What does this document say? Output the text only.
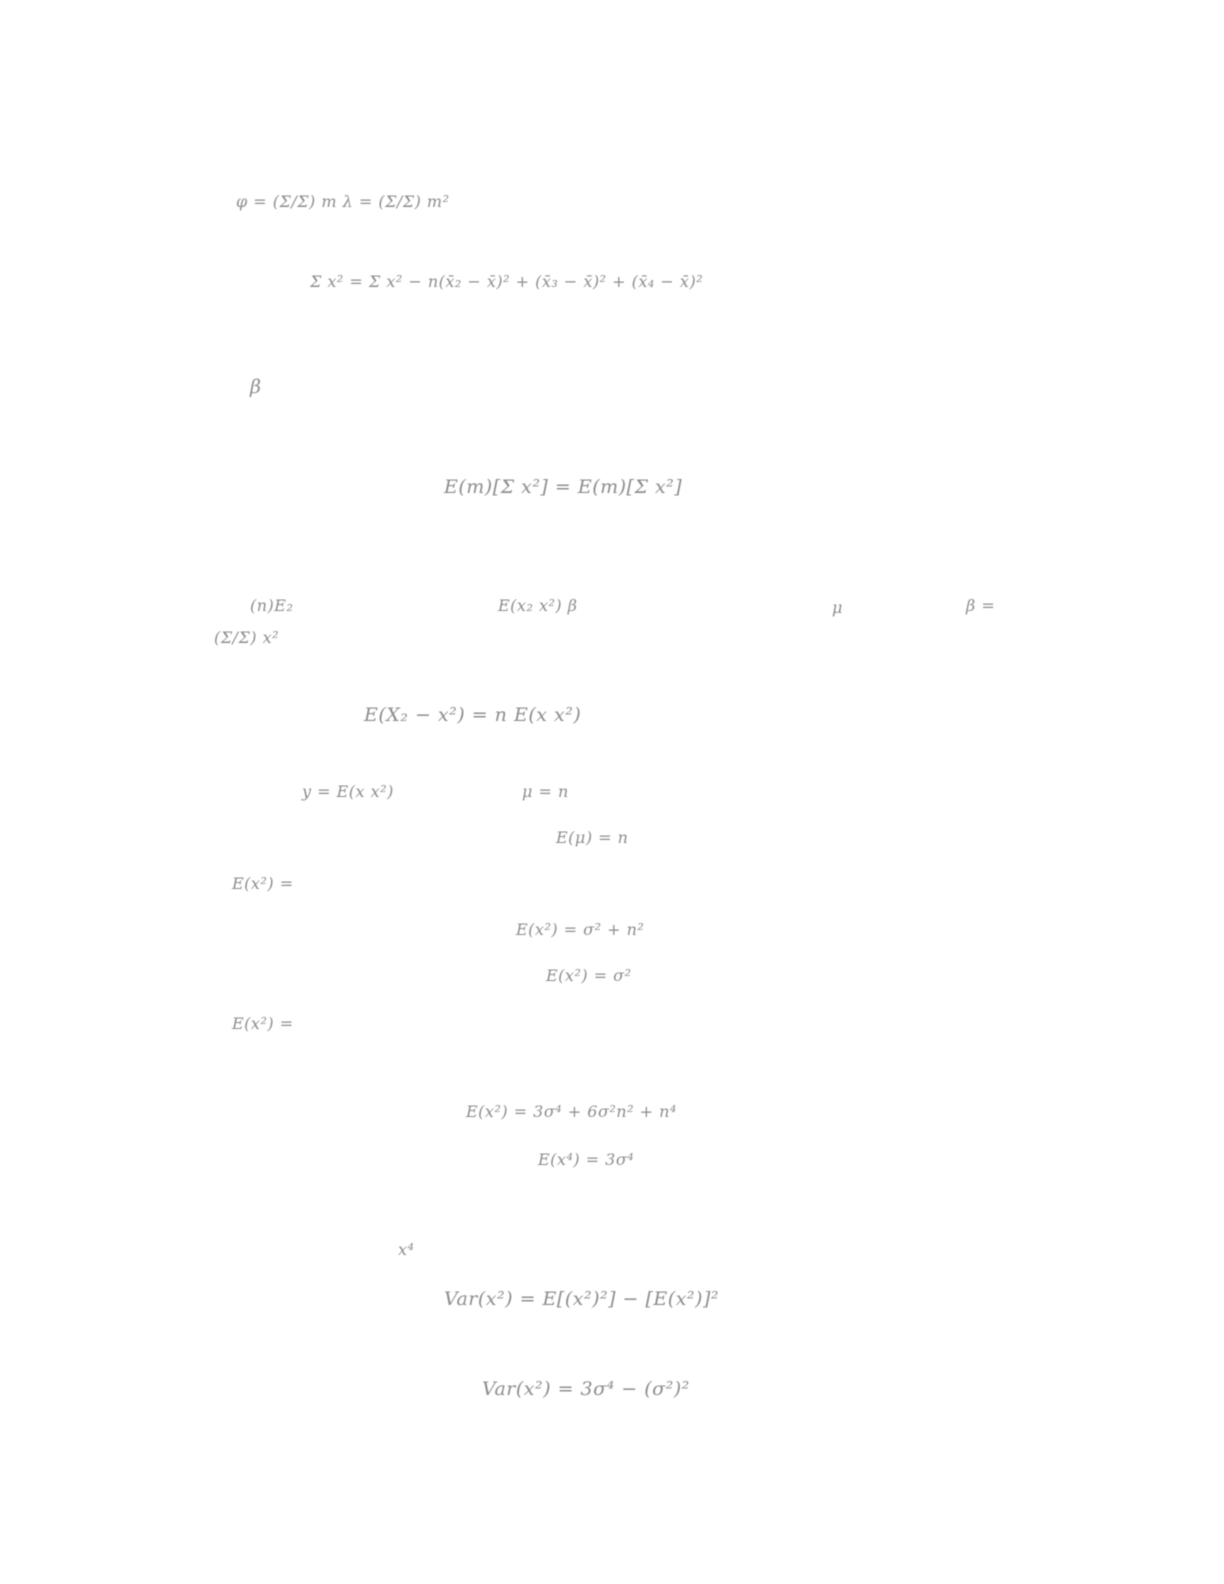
φ = (Σ/Σ) m λ = (Σ/Σ) m²
Σ x² = Σ x² − n(x̄₂ − x̄)² + (x̄₃ − x̄)² + (x̄₄ − x̄)²
β
E(m)[Σ x²] = E(m)[Σ x²]
(n)E₂
(Σ/Σ) x²
E(x₂ x²) β	μ	β =
E(X₂ − x²) = n E(x x²)
y = E(x x²)	μ = n
E(μ) = n
E(x²) =
E(x²) = σ² + n²
E(x²) = σ²
E(x²) =
E(x²) = 3σ⁴ + 6σ²n² + n⁴
E(x⁴) = 3σ⁴
x⁴
Var(x²) = E[(x²)²] − [E(x²)]²
Var(x²) = 3σ⁴ − (σ²)²
